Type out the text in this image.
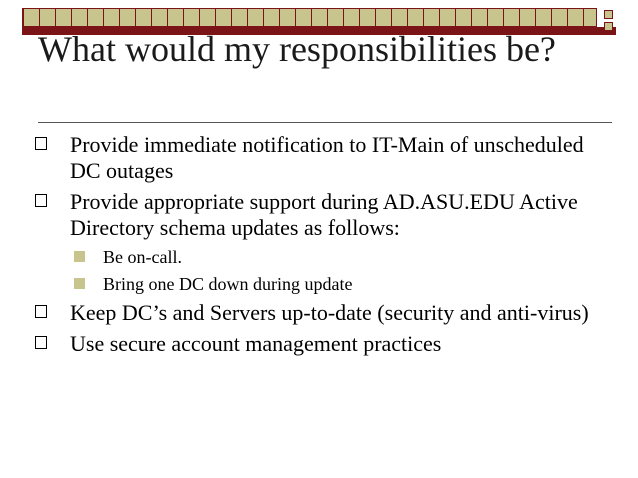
What would my responsibilities be?
Provide immediate notification to IT-Main of unscheduled DC outages
Provide appropriate support during AD.ASU.EDU Active Directory schema updates as follows:
Be on-call.
Bring one DC down during update
Keep DC’s and Servers up-to-date (security and anti-virus)
Use secure account management practices
